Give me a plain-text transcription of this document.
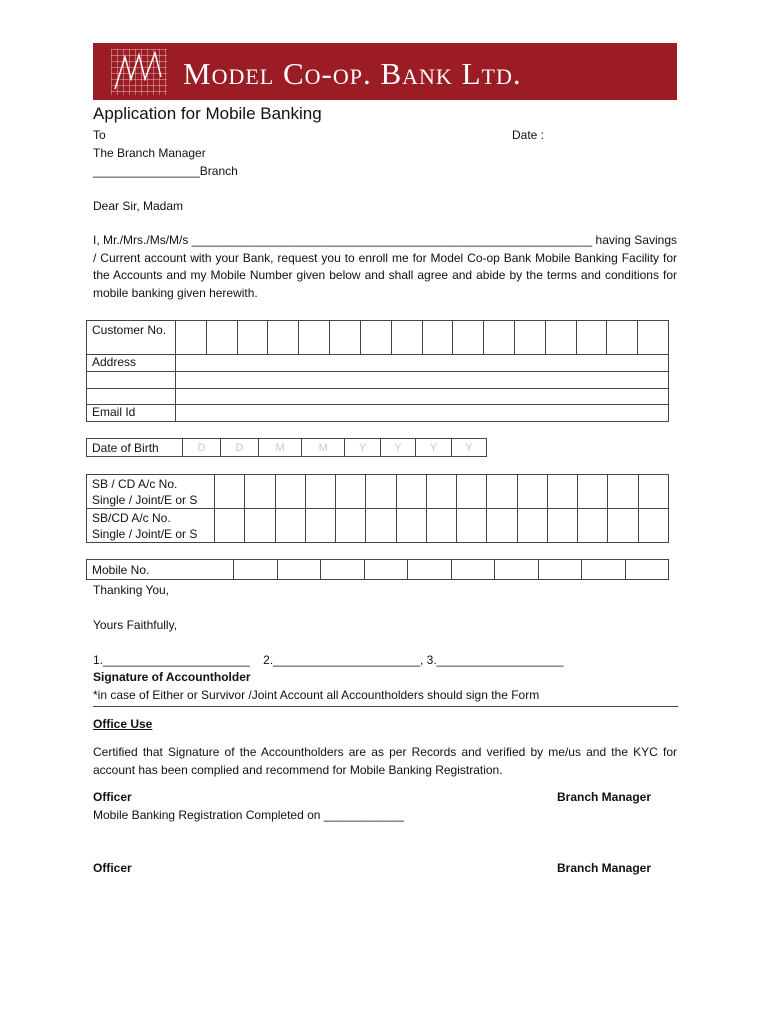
Model Co-op. Bank Ltd.
Application for Mobile Banking
To	Date :
The Branch Manager
________________Branch
Dear Sir, Madam
I, Mr./Mrs./Ms/M/s ____________________________________________________________ having Savings / Current account with your Bank, request you to enroll me for Model Co-op Bank Mobile Banking Facility for the Accounts and my Mobile Number given below and shall agree and abide by the terms and conditions for mobile banking given herewith.
Customer No.																
Address																

Email Id																
Date of Birth	D	D	M	M	Y	Y	Y	Y
SB / CD A/c No.
Single / Joint/E or S															

SB/CD A/c No.
Single / Joint/E or S															

Mobile No.										
Thanking You,
Yours Faithfully,
1.______________________    2.______________________, 3.___________________
Signature of Accountholder
*in case of Either or Survivor /Joint Account all Accountholders should sign the Form
Office Use
Certified that Signature of the Accountholders are as per Records and verified by me/us and the KYC for account has been complied and recommend for Mobile Banking Registration.
Officer	Branch Manager
Mobile Banking Registration Completed on ____________
Officer	Branch Manager
